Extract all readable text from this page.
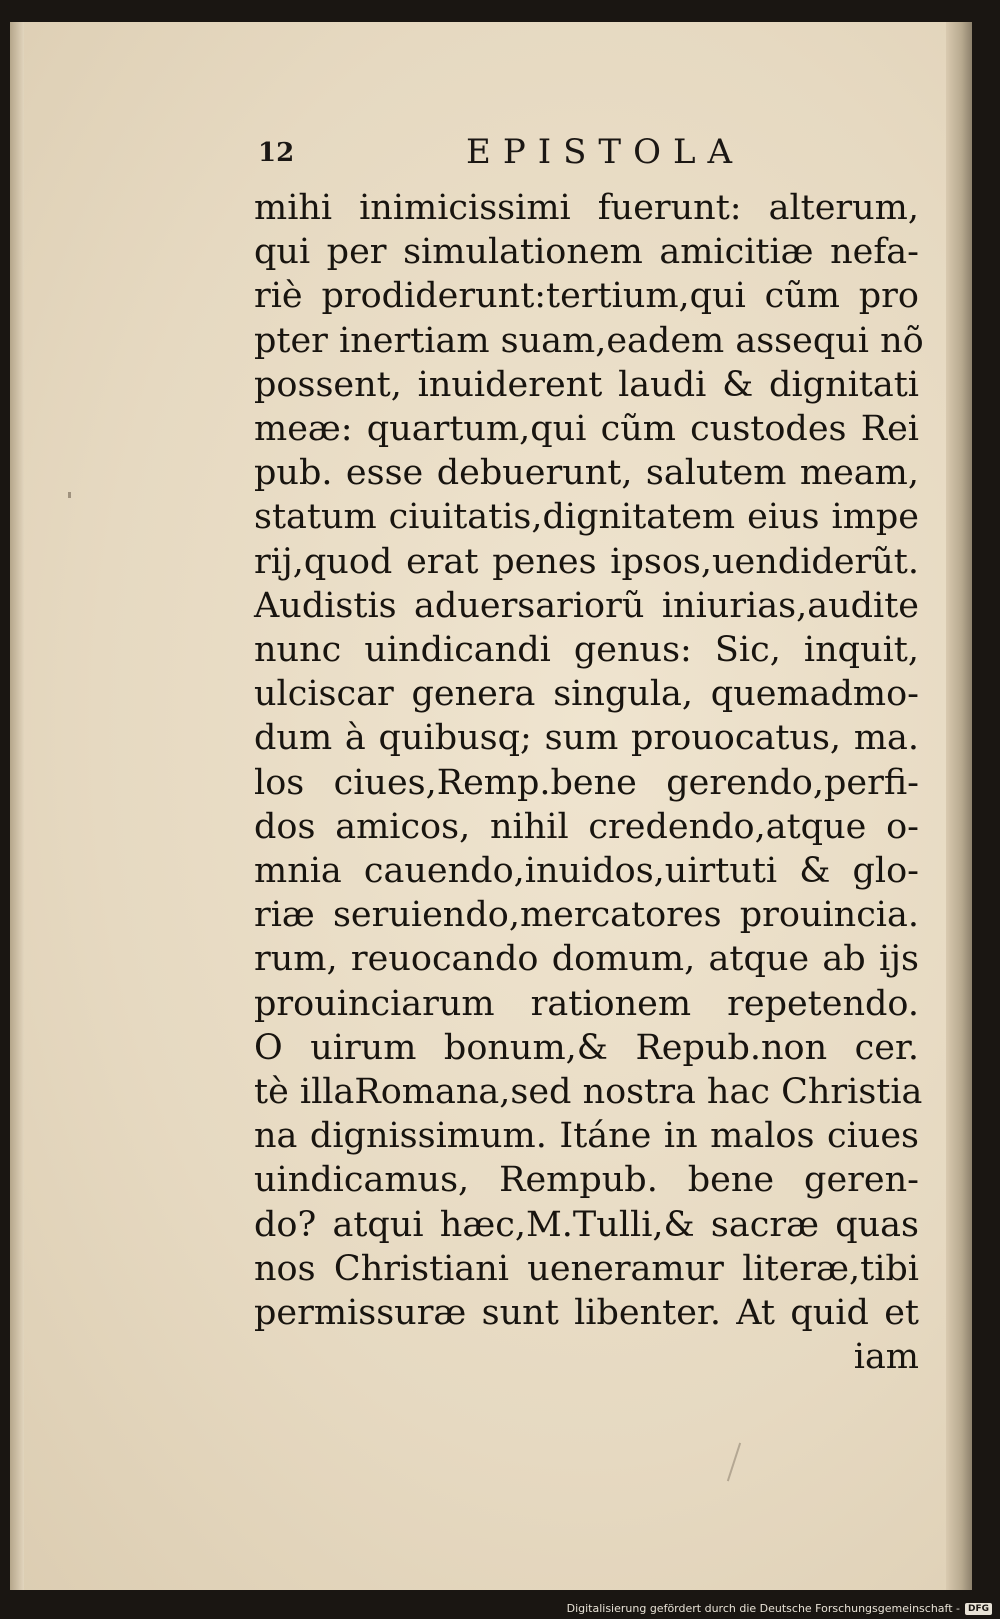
12	EPISTOLA
mihi inimicissimi fuerunt: alterum,
qui per simulationem amicitiæ nefa-
riè prodiderunt:tertium,qui cũm pro
pter inertiam suam,eadem assequi nõ
possent, inuiderent laudi & dignitati
meæ: quartum,qui cũm custodes Rei
pub. esse debuerunt, salutem meam,
statum ciuitatis,dignitatem eius impe
rij,quod erat penes ipsos,uendiderũt.
Audistis aduersariorũ iniurias,audite
nunc uindicandi genus: Sic, inquit,
ulciscar genera singula, quemadmo-
dum à quibusq; sum prouocatus, ma.
los ciues,Remp.bene gerendo,perfi-
dos amicos, nihil credendo,atque o-
mnia cauendo,inuidos,uirtuti & glo-
riæ seruiendo,mercatores prouincia.
rum, reuocando domum, atque ab ijs
prouinciarum rationem repetendo.
O uirum bonum,& Repub.non cer.
tè illaRomana,sed nostra hac Christia
na dignissimum. Itáne in malos ciues
uindicamus, Rempub. bene geren-
do? atqui hæc,M.Tulli,& sacræ quas
nos Christiani ueneramur literæ,tibi
permissuræ sunt libenter. At quid et
iam
Digitalisierung gefördert durch die Deutsche Forschungsgemeinschaft - DFG
